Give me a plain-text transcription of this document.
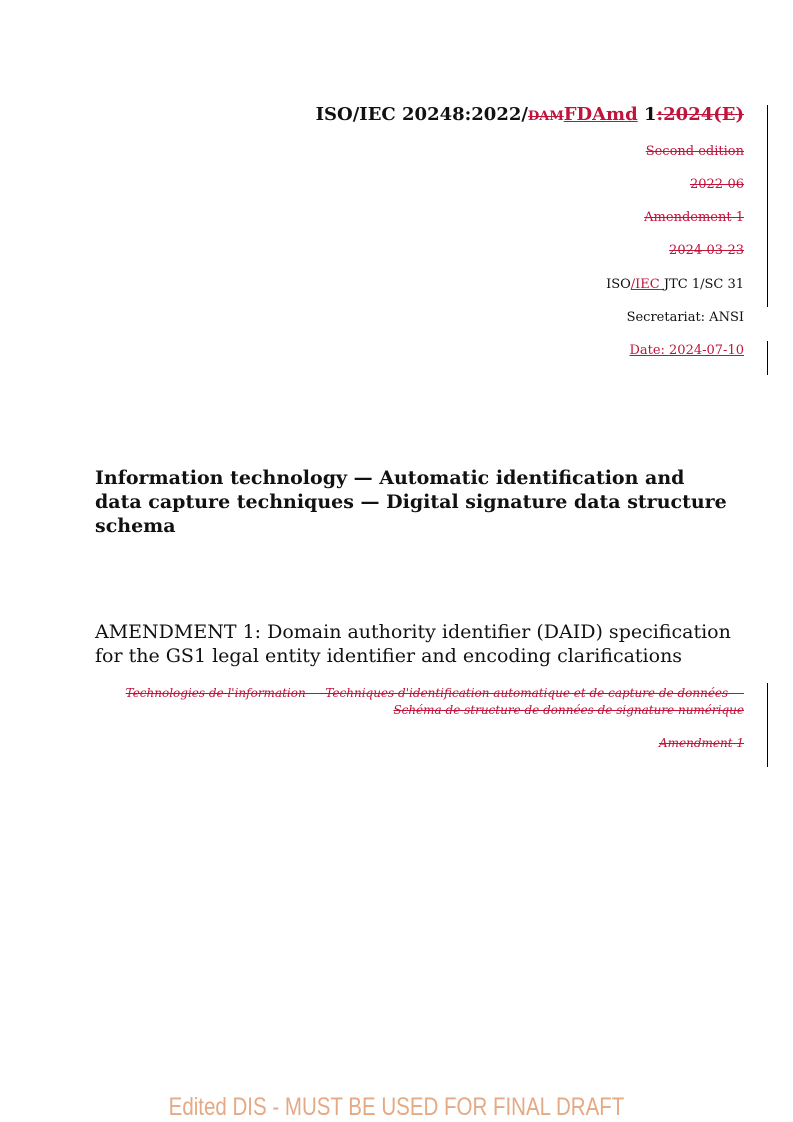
ISO/IEC 20248:2022/DAMFDAmd 1:2024(E)
Second edition
2022-06
Amendement 1
2024-03-23
ISO/IEC JTC 1/SC 31
Secretariat: ANSI
Date: 2024-07-10
Information technology — Automatic identification and data capture techniques — Digital signature data structure schema
AMENDMENT 1: Domain authority identifier (DAID) specification for the GS1 legal entity identifier and encoding clarifications
Technologies de l'information — Techniques d'identification automatique et de capture de données —
Schéma de structure de données de signature numérique
Amendment 1
Edited DIS - MUST BE USED FOR FINAL DRAFT
